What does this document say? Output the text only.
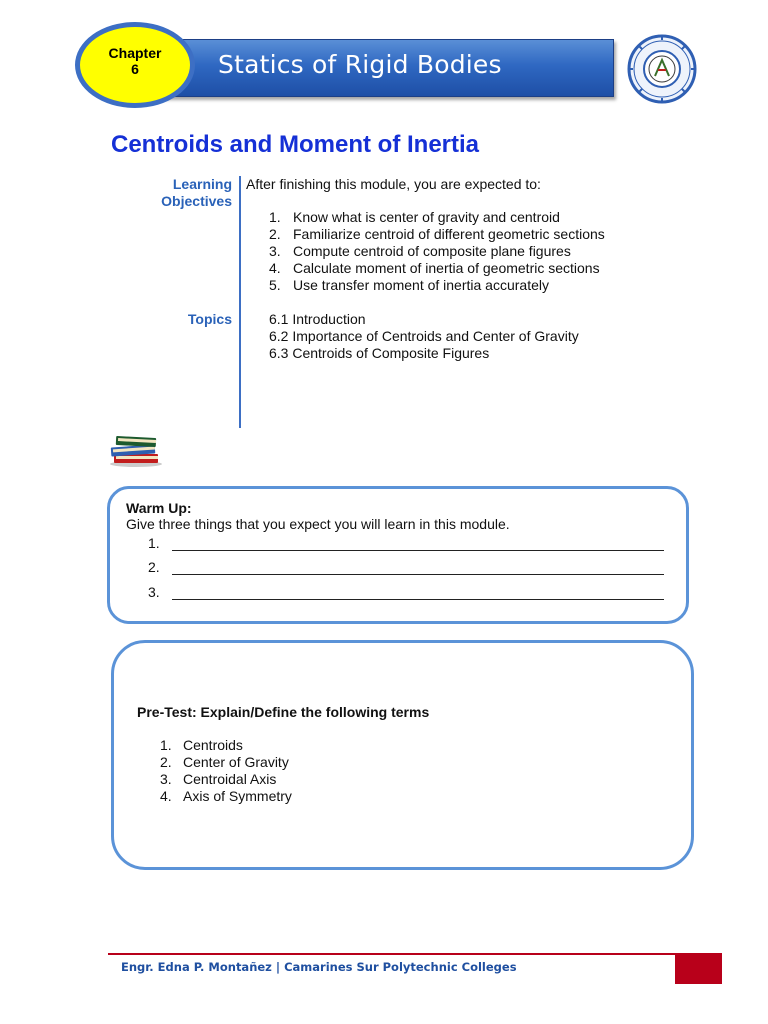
Statics of Rigid Bodies
Chapter
6
Centroids and Moment of Inertia
Learning
Objectives
After finishing this module, you are expected to:
1. Know what is center of gravity and centroid
2. Familiarize centroid of different geometric sections
3. Compute centroid of composite plane figures
4. Calculate moment of inertia of geometric sections
5. Use transfer moment of inertia accurately
Topics	6.1 Introduction
6.2 Importance of Centroids and Center of Gravity
6.3 Centroids of Composite Figures
Warm Up:
Give three things that you expect you will learn in this module.
1.
2.
3.
Pre-Test: Explain/Define the following terms
1. Centroids
2. Center of Gravity
3. Centroidal Axis
4. Axis of Symmetry
Engr. Edna P. Montañez | Camarines Sur Polytechnic Colleges
